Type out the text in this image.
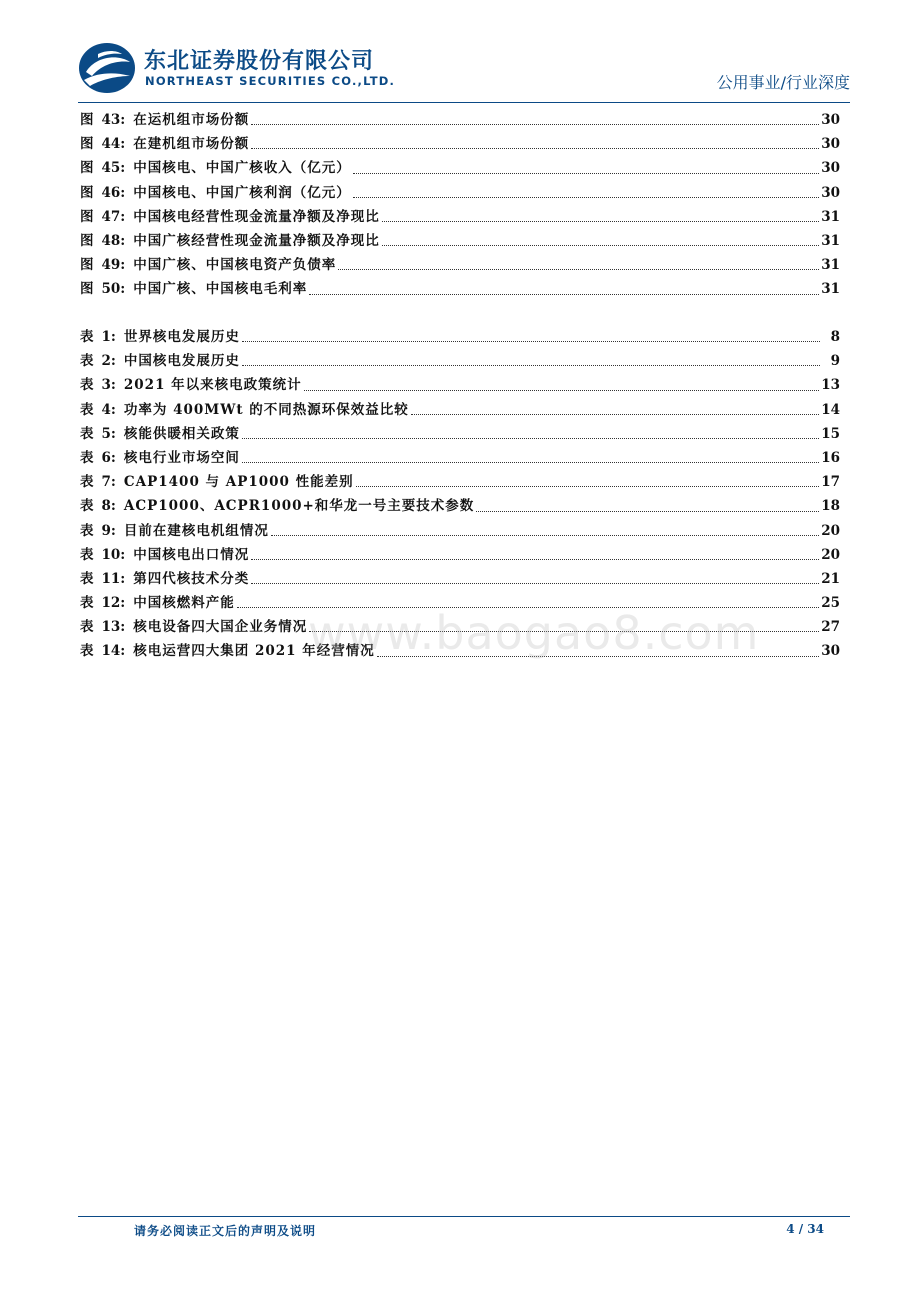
东北证券股份有限公司
NORTHEAST SECURITIES CO.,LTD.	公用事业/行业深度
图 43: 在运机组市场份额	30
图 44: 在建机组市场份额	30
图 45: 中国核电、中国广核收入（亿元）	30
图 46: 中国核电、中国广核利润（亿元）	30
图 47: 中国核电经营性现金流量净额及净现比	31
图 48: 中国广核经营性现金流量净额及净现比	31
图 49: 中国广核、中国核电资产负债率	31
图 50: 中国广核、中国核电毛利率	31
表 1: 世界核电发展历史	8
表 2: 中国核电发展历史	9
表 3: 2021 年以来核电政策统计	13
表 4: 功率为 400MWt 的不同热源环保效益比较	14
表 5: 核能供暖相关政策	15
表 6: 核电行业市场空间	16
表 7: CAP1400 与 AP1000 性能差别	17
表 8: ACP1000、ACPR1000+和华龙一号主要技术参数	18
表 9: 目前在建核电机组情况	20
表 10: 中国核电出口情况	20
表 11: 第四代核技术分类	21
表 12: 中国核燃料产能	25
表 13: 核电设备四大国企业务情况	27
表 14: 核电运营四大集团 2021 年经营情况	30
www.baogao8.com
请务必阅读正文后的声明及说明	4 / 34
